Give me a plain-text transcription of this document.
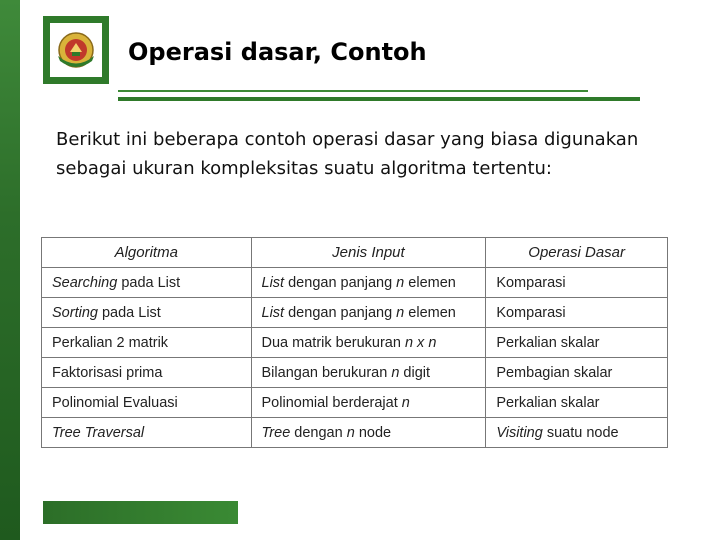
Operasi dasar, Contoh

Berikut ini beberapa contoh operasi dasar yang biasa digunakan sebagai ukuran kompleksitas suatu algoritma tertentu:

Algoritma	Jenis Input	Operasi Dasar
Searching pada List	List dengan panjang n elemen	Komparasi
Sorting pada List	List dengan panjang n elemen	Komparasi
Perkalian 2 matrik	Dua matrik berukuran n x n	Perkalian skalar
Faktorisasi prima	Bilangan berukuran n digit	Pembagian skalar
Polinomial Evaluasi	Polinomial berderajat n	Perkalian skalar
Tree Traversal	Tree dengan n node	Visiting suatu node
